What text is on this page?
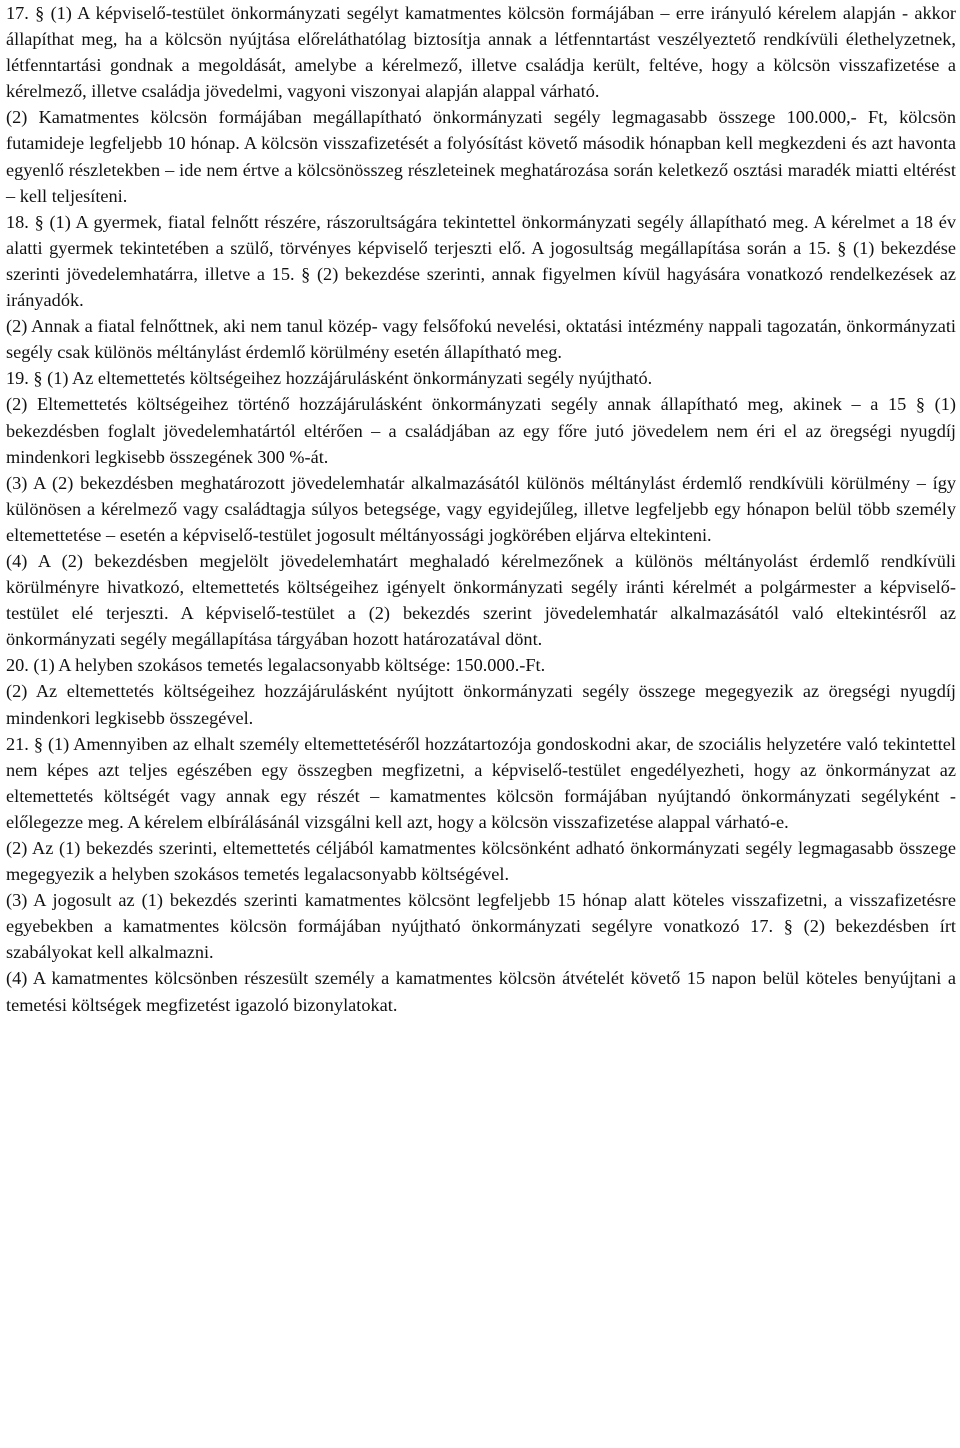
17. § (1) A képviselő-testület önkormányzati segélyt kamatmentes kölcsön formájában – erre irányuló kérelem alapján - akkor állapíthat meg, ha a kölcsön nyújtása előreláthatólag biztosítja annak a létfenntartást veszélyeztető rendkívüli élethelyzetnek, létfenntartási gondnak a megoldását, amelybe a kérelmező, illetve családja került, feltéve, hogy a kölcsön visszafizetése a kérelmező, illetve családja jövedelmi, vagyoni viszonyai alapján alappal várható.

(2) Kamatmentes kölcsön formájában megállapítható önkormányzati segély legmagasabb összege 100.000,- Ft, kölcsön futamideje legfeljebb 10 hónap. A kölcsön visszafizetését a folyósítást követő második hónapban kell megkezdeni és azt havonta egyenlő részletekben – ide nem értve a kölcsönösszeg részleteinek meghatározása során keletkező osztási maradék miatti eltérést – kell teljesíteni.

18. § (1) A gyermek, fiatal felnőtt részére, rászorultságára tekintettel önkormányzati segély állapítható meg. A kérelmet a 18 év alatti gyermek tekintetében a szülő, törvényes képviselő terjeszti elő. A jogosultság megállapítása során a 15. § (1) bekezdése szerinti jövedelemhatárra, illetve a 15. § (2) bekezdése szerinti, annak figyelmen kívül hagyására vonatkozó rendelkezések az irányadók.

(2) Annak a fiatal felnőttnek, aki nem tanul közép- vagy felsőfokú nevelési, oktatási intézmény nappali tagozatán, önkormányzati segély csak különös méltánylást érdemlő körülmény esetén állapítható meg.

19. § (1) Az eltemettetés költségeihez hozzájárulásként önkormányzati segély nyújtható.

(2) Eltemettetés költségeihez történő hozzájárulásként önkormányzati segély annak állapítható meg, akinek – a 15 § (1) bekezdésben foglalt jövedelemhatártól eltérően – a családjában az egy főre jutó jövedelem nem éri el az öregségi nyugdíj mindenkori legkisebb összegének 300 %-át.

(3) A (2) bekezdésben meghatározott jövedelemhatár alkalmazásától különös méltánylást érdemlő rendkívüli körülmény – így különösen a kérelmező vagy családtagja súlyos betegsége, vagy egyidejűleg, illetve legfeljebb egy hónapon belül több személy eltemettetése – esetén a képviselő-testület jogosult méltányossági jogkörében eljárva eltekinteni.

(4) A (2) bekezdésben megjelölt jövedelemhatárt meghaladó kérelmezőnek a különös méltányolást érdemlő rendkívüli körülményre hivatkozó, eltemettetés költségeihez igényelt önkormányzati segély iránti kérelmét a polgármester a képviselő-testület elé terjeszti. A képviselő-testület a (2) bekezdés szerint jövedelemhatár alkalmazásától való eltekintésről az önkormányzati segély megállapítása tárgyában hozott határozatával dönt.

20. (1) A helyben szokásos temetés legalacsonyabb költsége: 150.000.-Ft.

(2) Az eltemettetés költségeihez hozzájárulásként nyújtott önkormányzati segély összege megegyezik az öregségi nyugdíj mindenkori legkisebb összegével.

21. § (1) Amennyiben az elhalt személy eltemettetéséről hozzátartozója gondoskodni akar, de szociális helyzetére való tekintettel nem képes azt teljes egészében egy összegben megfizetni, a képviselő-testület engedélyezheti, hogy az önkormányzat az eltemettetés költségét vagy annak egy részét – kamatmentes kölcsön formájában nyújtandó önkormányzati segélyként - előlegezze meg. A kérelem elbírálásánál vizsgálni kell azt, hogy a kölcsön visszafizetése alappal várható-e.

(2) Az (1) bekezdés szerinti, eltemettetés céljából kamatmentes kölcsönként adható önkormányzati segély legmagasabb összege megegyezik a helyben szokásos temetés legalacsonyabb költségével.

(3) A jogosult az (1) bekezdés szerinti kamatmentes kölcsönt legfeljebb 15 hónap alatt köteles visszafizetni, a visszafizetésre egyebekben a kamatmentes kölcsön formájában nyújtható önkormányzati segélyre vonatkozó 17. § (2) bekezdésben írt szabályokat kell alkalmazni.

(4) A kamatmentes kölcsönben részesült személy a kamatmentes kölcsön átvételét követő 15 napon belül köteles benyújtani a temetési költségek megfizetést igazoló bizonylatokat.
